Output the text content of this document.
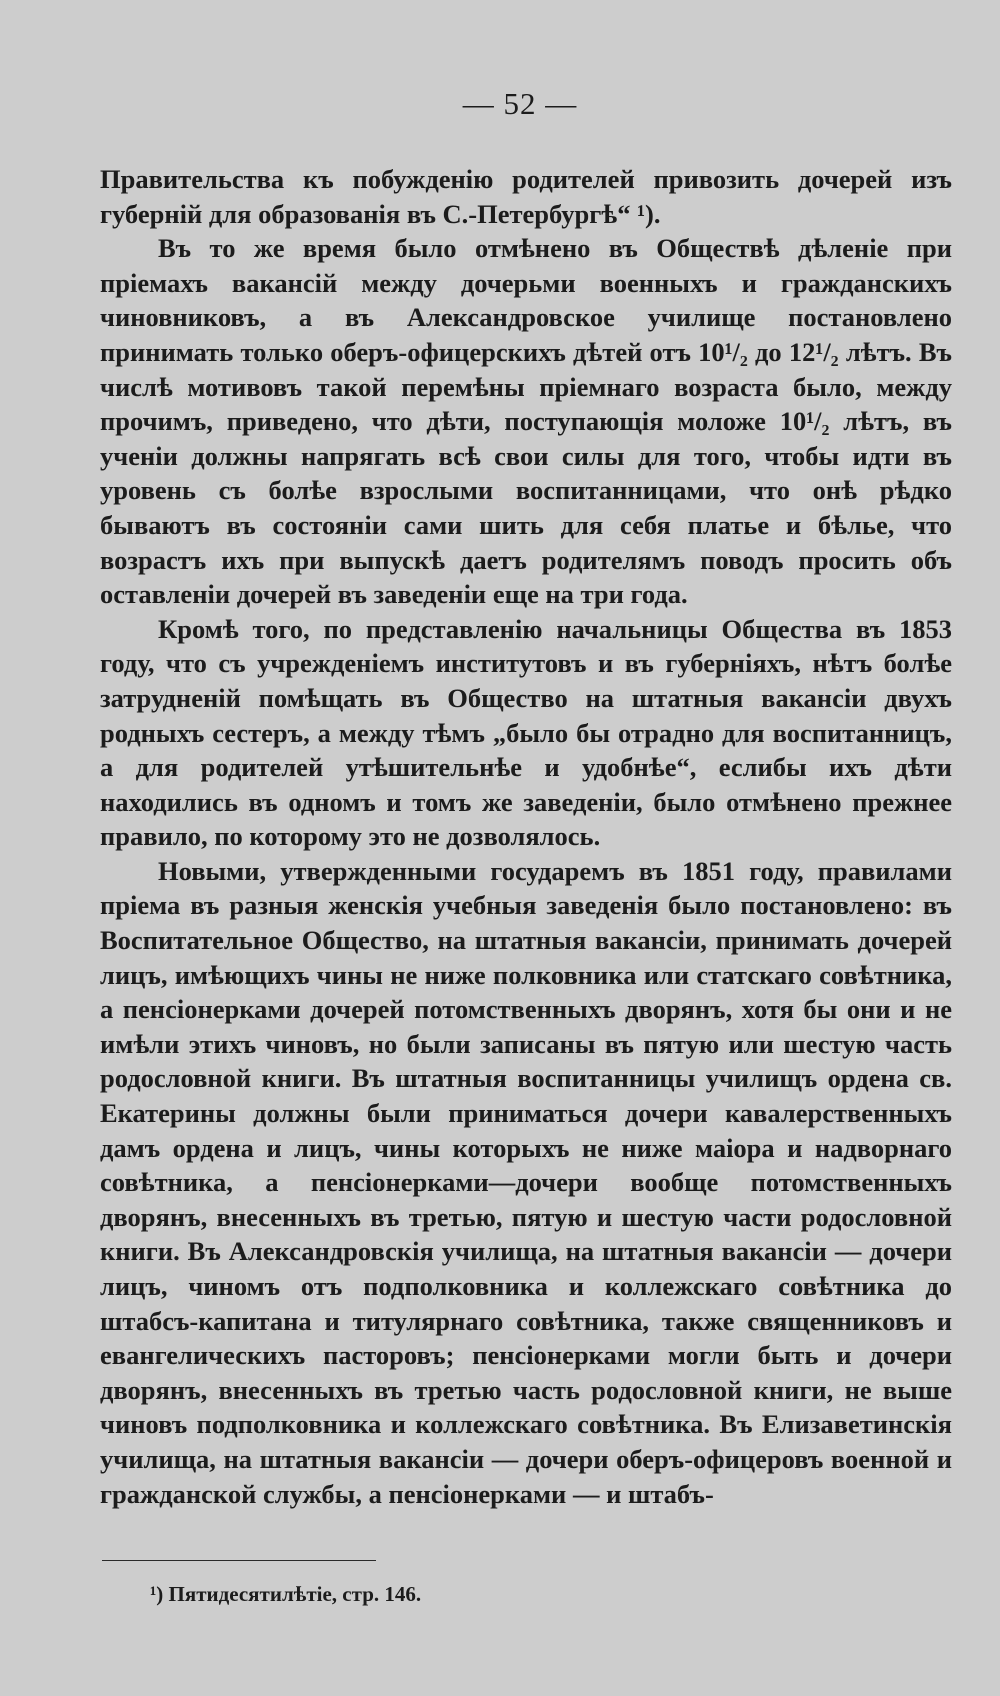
— 52 —

Правительства къ побужденію родителей привозить дочерей изъ губерній для образованія въ С.-Петербургѣ“ ¹).

Въ то же время было отмѣнено въ Обществѣ дѣленіе при пріемахъ вакансій между дочерьми военныхъ и гражданскихъ чиновниковъ, а въ Александровское училище постановлено принимать только оберъ-офицерскихъ дѣтей отъ 10¹/₂ до 12¹/₂ лѣтъ. Въ числѣ мотивовъ такой перемѣны пріемнаго возраста было, между прочимъ, приведено, что дѣти, поступающія моложе 10¹/₂ лѣтъ, въ ученіи должны напрягать всѣ свои силы для того, чтобы идти въ уровень съ болѣе взрослыми воспитанницами, что онѣ рѣдко бываютъ въ состояніи сами шить для себя платье и бѣлье, что возрастъ ихъ при выпускѣ даетъ родителямъ поводъ просить объ оставленіи дочерей въ заведеніи еще на три года.

Кромѣ того, по представленію начальницы Общества въ 1853 году, что съ учрежденіемъ институтовъ и въ губерніяхъ, нѣтъ болѣе затрудненій помѣщать въ Общество на штатныя вакансіи двухъ родныхъ сестеръ, а между тѣмъ „было бы отрадно для воспитанницъ, а для родителей утѣшительнѣе и удобнѣе“, еслибы ихъ дѣти находились въ одномъ и томъ же заведеніи, было отмѣнено прежнее правило, по которому это не дозволялось.

Новыми, утвержденными государемъ въ 1851 году, правилами пріема въ разныя женскія учебныя заведенія было постановлено: въ Воспитательное Общество, на штатныя вакансіи, принимать дочерей лицъ, имѣющихъ чины не ниже полковника или статскаго совѣтника, а пенсіонерками дочерей потомственныхъ дворянъ, хотя бы они и не имѣли этихъ чиновъ, но были записаны въ пятую или шестую часть родословной книги. Въ штатныя воспитанницы училищъ ордена св. Екатерины должны были приниматься дочери кавалерственныхъ дамъ ордена и лицъ, чины которыхъ не ниже маіора и надворнаго совѣтника, а пенсіонерками—дочери вообще потомственныхъ дворянъ, внесенныхъ въ третью, пятую и шестую части родословной книги. Въ Александровскія училища, на штатныя вакансіи — дочери лицъ, чиномъ отъ подполковника и коллежскаго совѣтника до штабсъ-капитана и титулярнаго совѣтника, также священниковъ и евангелическихъ пасторовъ; пенсіонерками могли быть и дочери дворянъ, внесенныхъ въ третью часть родословной книги, не выше чиновъ подполковника и коллежскаго совѣтника. Въ Елизаветинскія училища, на штатныя вакансіи — дочери оберъ-офицеровъ военной и гражданской службы, а пенсіонерками — и штабъ-

¹) Пятидесятилѣтіе, стр. 146.
